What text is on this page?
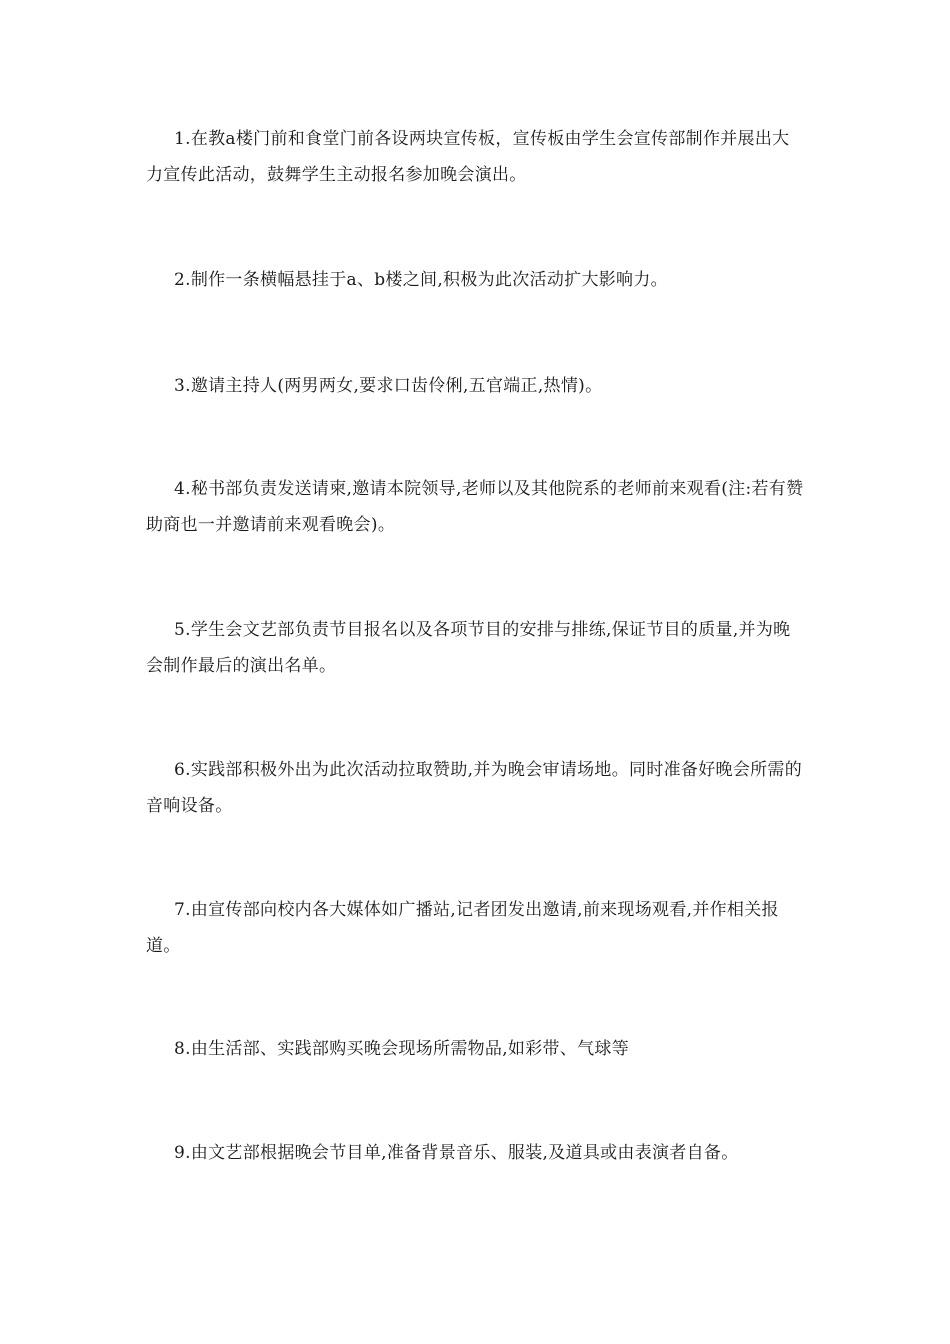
1.在教a楼门前和食堂门前各设两块宣传板，宣传板由学生会宣传部制作并展出大力宣传此活动，鼓舞学生主动报名参加晚会演出。

2.制作一条横幅悬挂于a、b楼之间,积极为此次活动扩大影响力。

3.邀请主持人(两男两女,要求口齿伶俐,五官端正,热情)。

4.秘书部负责发送请柬,邀请本院领导,老师以及其他院系的老师前来观看(注:若有赞助商也一并邀请前来观看晚会)。

5.学生会文艺部负责节目报名以及各项节目的安排与排练,保证节目的质量,并为晚会制作最后的演出名单。

6.实践部积极外出为此次活动拉取赞助,并为晚会审请场地。同时准备好晚会所需的音响设备。

7.由宣传部向校内各大媒体如广播站,记者团发出邀请,前来现场观看,并作相关报道。

8.由生活部、实践部购买晚会现场所需物品,如彩带、气球等

9.由文艺部根据晚会节目单,准备背景音乐、服装,及道具或由表演者自备。
